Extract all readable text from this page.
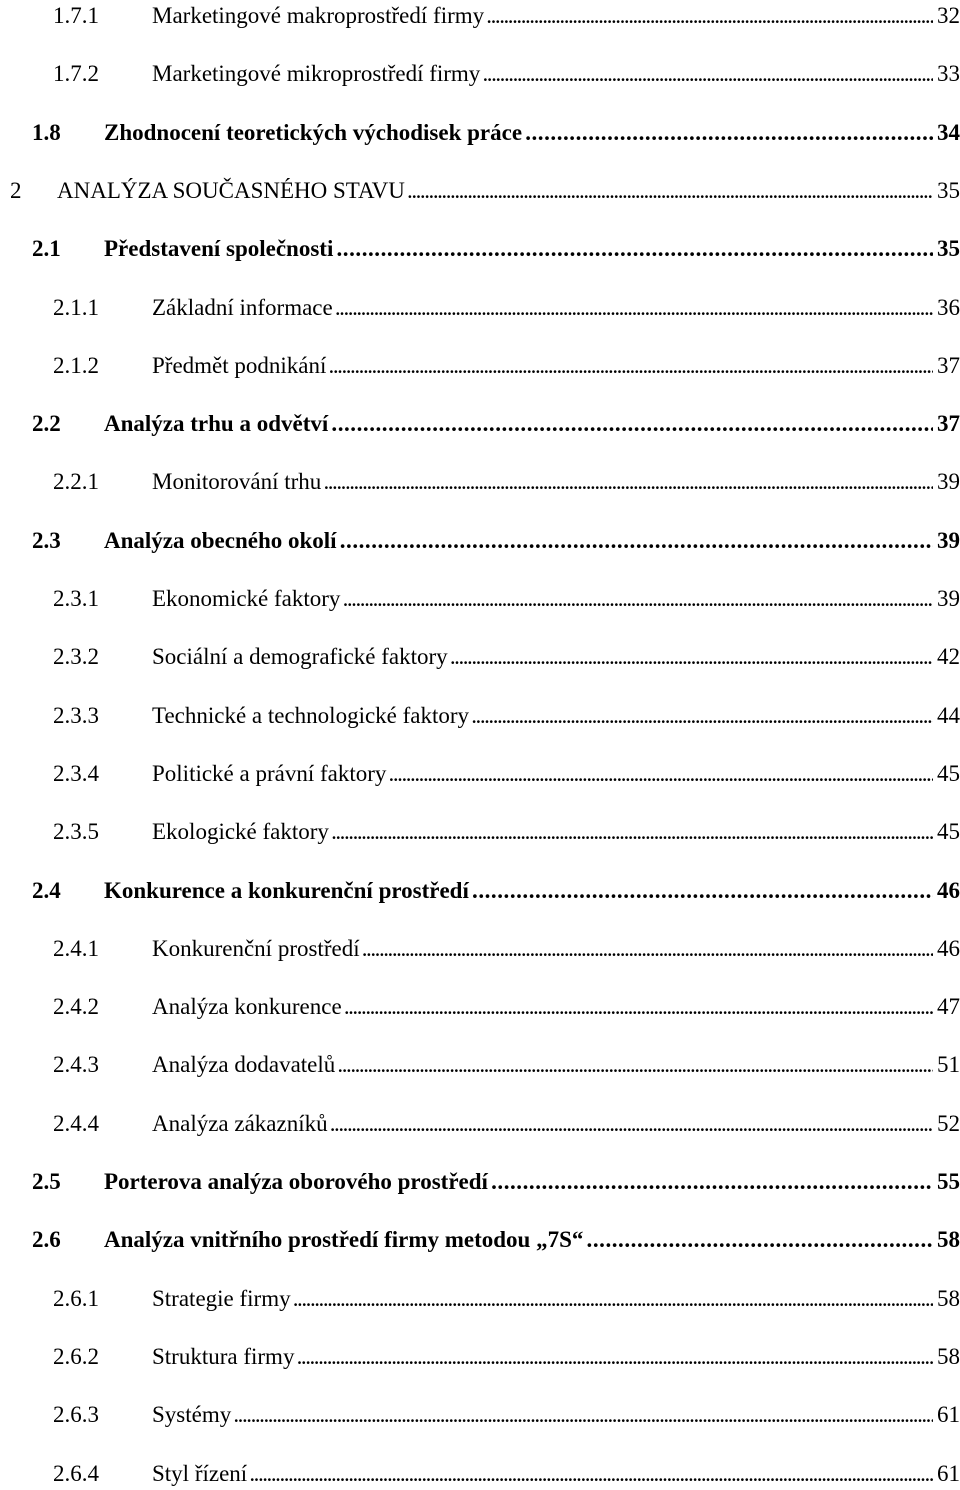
1.7.1 Marketingové makroprostředí firmy . . .	32
1.7.2 Marketingové mikroprostředí firmy . . .	33
1.8 Zhodnocení teoretických východisek práce . . .	34
2 ANALÝZA SOUČASNÉHO STAVU . . .	35
2.1 Představení společnosti . . .	35
2.1.1 Základní informace . . .	36
2.1.2 Předmět podnikání . . .	37
2.2 Analýza trhu a odvětví . . .	37
2.2.1 Monitorování trhu . . .	39
2.3 Analýza obecného okolí . . .	39
2.3.1 Ekonomické faktory . . .	39
2.3.2 Sociální a demografické faktory . . .	42
2.3.3 Technické a technologické faktory . . .	44
2.3.4 Politické a právní faktory . . .	45
2.3.5 Ekologické faktory . . .	45
2.4 Konkurence a konkurenční prostředí . . .	46
2.4.1 Konkurenční prostředí . . .	46
2.4.2 Analýza konkurence . . .	47
2.4.3 Analýza dodavatelů . . .	51
2.4.4 Analýza zákazníků . . .	52
2.5 Porterova analýza oborového prostředí . . .	55
2.6 Analýza vnitřního prostředí firmy metodou „7S“ . . .	58
2.6.1 Strategie firmy . . .	58
2.6.2 Struktura firmy . . .	58
2.6.3 Systémy . . .	61
2.6.4 Styl řízení . . .	61
